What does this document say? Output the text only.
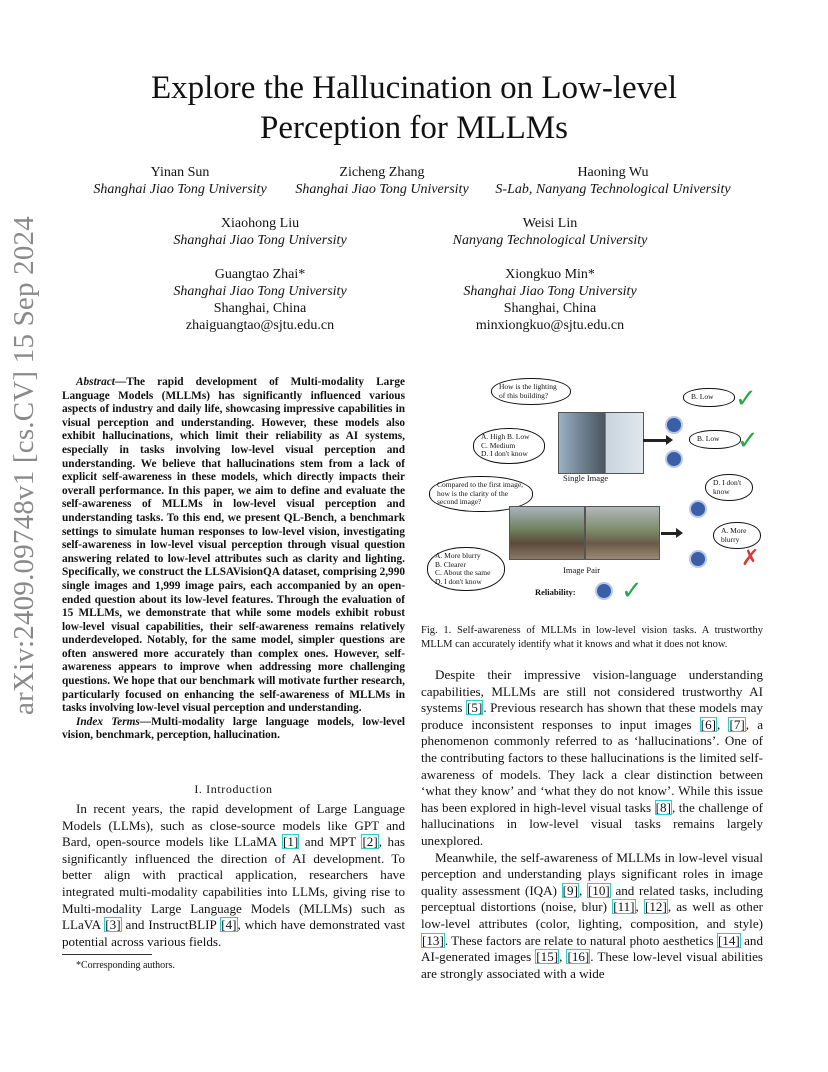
arXiv:2409.09748v1 [cs.CV] 15 Sep 2024
Explore the Hallucination on Low-level
Perception for MLLMs
Yinan Sun
Shanghai Jiao Tong University
Zicheng Zhang
Shanghai Jiao Tong University
Haoning Wu
S-Lab, Nanyang Technological University
Xiaohong Liu
Shanghai Jiao Tong University
Weisi Lin
Nanyang Technological University
Guangtao Zhai*
Shanghai Jiao Tong University
Shanghai, China
zhaiguangtao@sjtu.edu.cn
Xiongkuo Min*
Shanghai Jiao Tong University
Shanghai, China
minxiongkuo@sjtu.edu.cn
Abstract—The rapid development of Multi-modality Large Language Models (MLLMs) has significantly influenced various aspects of industry and daily life, showcasing impressive capabilities in visual perception and understanding. However, these models also exhibit hallucinations, which limit their reliability as AI systems, especially in tasks involving low-level visual perception and understanding. We believe that hallucinations stem from a lack of explicit self-awareness in these models, which directly impacts their overall performance. In this paper, we aim to define and evaluate the self-awareness of MLLMs in low-level visual perception and understanding tasks. To this end, we present QL-Bench, a benchmark settings to simulate human responses to low-level vision, investigating self-awareness in low-level visual perception through visual question answering related to low-level attributes such as clarity and lighting. Specifically, we construct the LLSAVisionQA dataset, comprising 2,990 single images and 1,999 image pairs, each accompanied by an open-ended question about its low-level features. Through the evaluation of 15 MLLMs, we demonstrate that while some models exhibit robust low-level visual capabilities, their self-awareness remains relatively underdeveloped. Notably, for the same model, simpler questions are often answered more accurately than complex ones. However, self-awareness appears to improve when addressing more challenging questions. We hope that our benchmark will motivate further research, particularly focused on enhancing the self-awareness of MLLMs in tasks involving low-level visual perception and understanding.
Index Terms—Multi-modality large language models, low-level vision, benchmark, perception, hallucination.
I. Introduction

In recent years, the rapid development of Large Language Models (LLMs), such as close-source models like GPT and Bard, open-source models like LLaMA [1] and MPT [2], has significantly influenced the direction of AI development. To better align with practical application, researchers have integrated multi-modality capabilities into LLMs, giving rise to Multi-modality Large Language Models (MLLMs) such as LLaVA [3] and InstructBLIP [4], which have demonstrated vast potential across various fields.

*Corresponding authors.
How is the lighting of this building?
A. High B. Low
C. Medium
D. I don't know
Single Image
Compared to the first image, how is the clarity of the second image?
Image Pair
A. More blurry
B. Clearer
C. About the same
D. I don't know
B. Low
B. Low
D. I don't know
A. More blurry
✓
✓
✗
Reliability: ✓
Fig. 1. Self-awareness of MLLMs in low-level vision tasks. A trustworthy MLLM can accurately identify what it knows and what it does not know.

Despite their impressive vision-language understanding capabilities, MLLMs are still not considered trustworthy AI systems [5]. Previous research has shown that these models may produce inconsistent responses to input images [6], [7], a phenomenon commonly referred to as ‘hallucinations’. One of the contributing factors to these hallucinations is the limited self-awareness of models. They lack a clear distinction between ‘what they know’ and ‘what they do not know’. While this issue has been explored in high-level visual tasks [8], the challenge of hallucinations in low-level visual tasks remains largely unexplored.

Meanwhile, the self-awareness of MLLMs in low-level visual perception and understanding plays significant roles in image quality assessment (IQA) [9], [10] and related tasks, including perceptual distortions (noise, blur) [11], [12], as well as other low-level attributes (color, lighting, composition, and style) [13]. These factors are relate to natural photo aesthetics [14] and AI-generated images [15], [16]. These low-level visual abilities are strongly associated with a wide
